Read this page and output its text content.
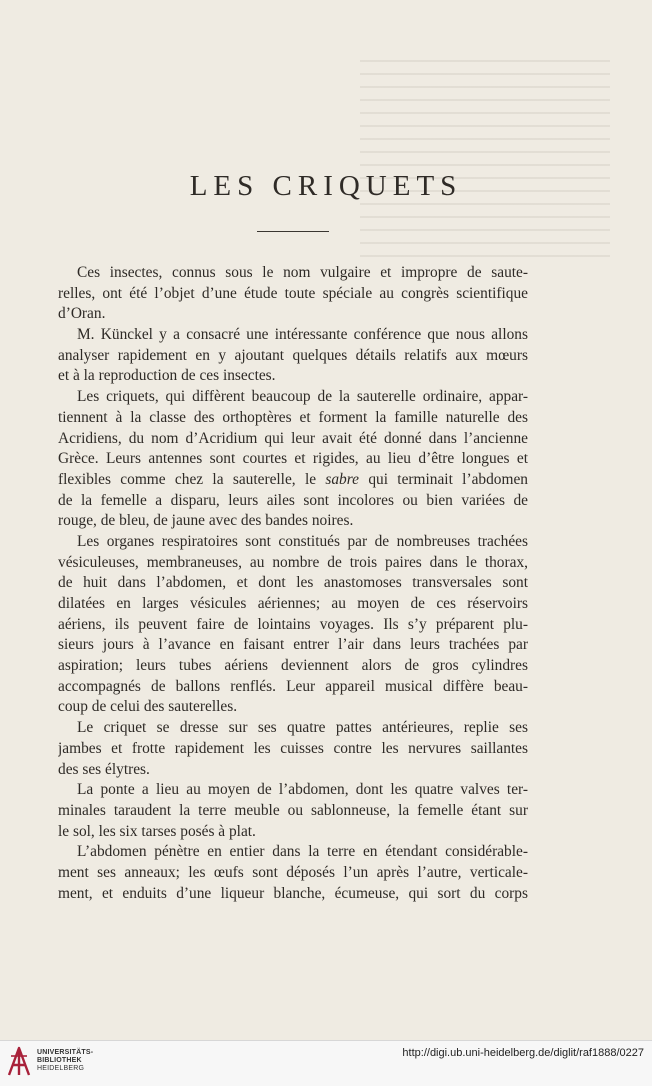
LES CRIQUETS
Ces insectes, connus sous le nom vulgaire et impropre de saute-
relles, ont été l’objet d’une étude toute spéciale au congrès scientifique
d’Oran.
M. Künckel y a consacré une intéressante conférence que nous allons
analyser rapidement en y ajoutant quelques détails relatifs aux mœurs
et à la reproduction de ces insectes.
Les criquets, qui diffèrent beaucoup de la sauterelle ordinaire, appar-
tiennent à la classe des orthoptères et forment la famille naturelle des
Acridiens, du nom d’Acridium qui leur avait été donné dans l’ancienne
Grèce. Leurs antennes sont courtes et rigides, au lieu d’être longues et
flexibles comme chez la sauterelle, le sabre qui terminait l’abdomen
de la femelle a disparu, leurs ailes sont incolores ou bien variées de
rouge, de bleu, de jaune avec des bandes noires.
Les organes respiratoires sont constitués par de nombreuses trachées
vésiculeuses, membraneuses, au nombre de trois paires dans le thorax,
de huit dans l’abdomen, et dont les anastomoses transversales sont
dilatées en larges vésicules aériennes; au moyen de ces réservoirs
aériens, ils peuvent faire de lointains voyages. Ils s’y préparent plu-
sieurs jours à l’avance en faisant entrer l’air dans leurs trachées par
aspiration; leurs tubes aériens deviennent alors de gros cylindres
accompagnés de ballons renflés. Leur appareil musical diffère beau-
coup de celui des sauterelles.
Le criquet se dresse sur ses quatre pattes antérieures, replie ses
jambes et frotte rapidement les cuisses contre les nervures saillantes
des ses élytres.
La ponte a lieu au moyen de l’abdomen, dont les quatre valves ter-
minales taraudent la terre meuble ou sablonneuse, la femelle étant sur
le sol, les six tarses posés à plat.
L’abdomen pénètre en entier dans la terre en étendant considérable-
ment ses anneaux; les œufs sont déposés l’un après l’autre, verticale-
ment, et enduits d’une liqueur blanche, écumeuse, qui sort du corps
UNIVERSITÄTS-
BIBLIOTHEK
HEIDELBERG
http://digi.ub.uni-heidelberg.de/diglit/raf1888/0227
